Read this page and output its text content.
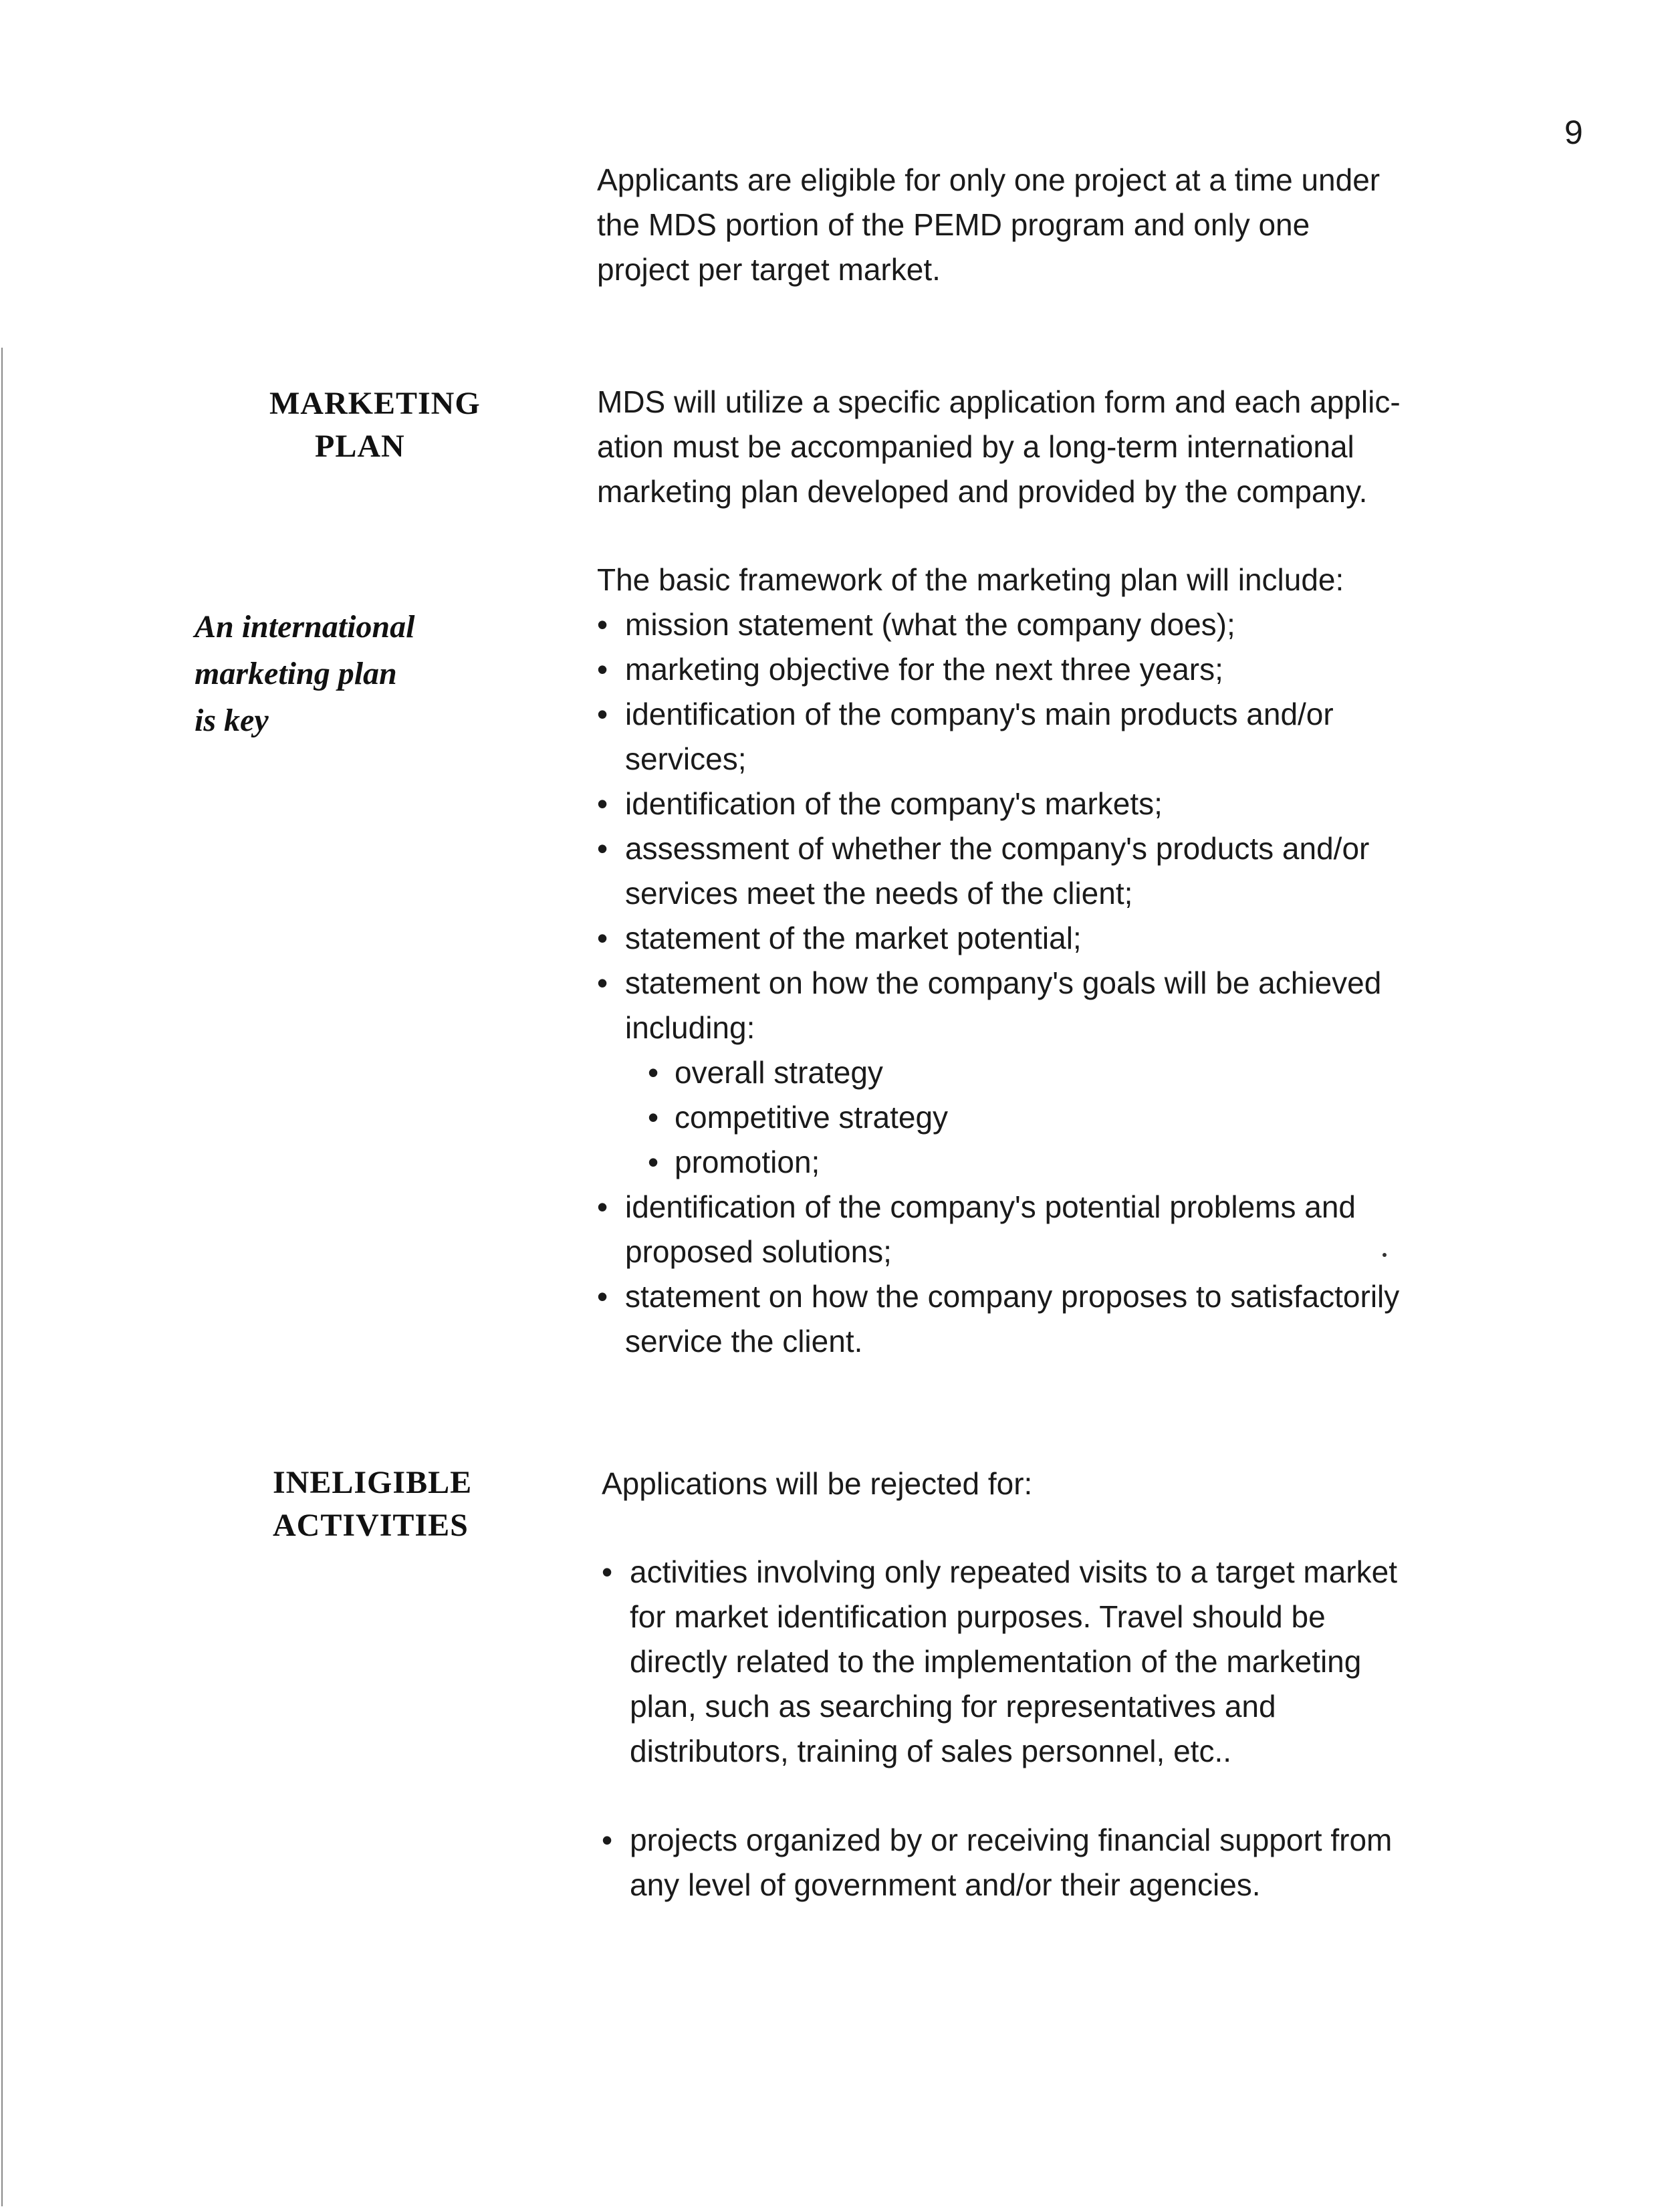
9
Applicants are eligible for only one project at a time under
the MDS portion of the PEMD program and only one
project per target market.
MARKETING
PLAN
MDS will utilize a specific application form and each applic-
ation must be accompanied by a long-term international
marketing plan developed and provided by the company.
An international
marketing plan
is key
The basic framework of the marketing plan will include:
• mission statement (what the company does);
• marketing objective for the next three years;
• identification of the company's main products and/or
services;
• identification of the company's markets;
• assessment of whether the company's products and/or
services meet the needs of the client;
• statement of the market potential;
• statement on how the company's goals will be achieved
including:
• overall strategy
• competitive strategy
• promotion;
• identification of the company's potential problems and
proposed solutions;
• statement on how the company proposes to satisfactorily
service the client.
INELIGIBLE
ACTIVITIES
Applications will be rejected for:
• activities involving only repeated visits to a target market
for market identification purposes. Travel should be
directly related to the implementation of the marketing
plan, such as searching for representatives and
distributors, training of sales personnel, etc..
• projects organized by or receiving financial support from
any level of government and/or their agencies.
